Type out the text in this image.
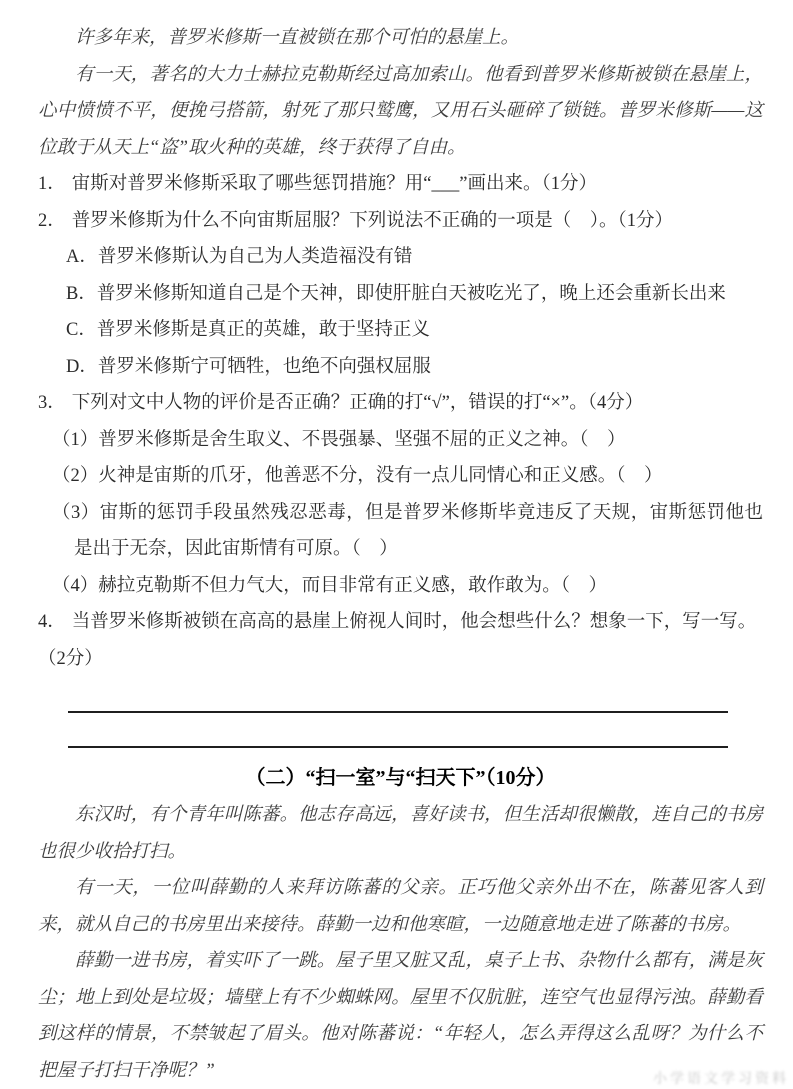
许多年来，普罗米修斯一直被锁在那个可怕的悬崖上。

有一天，著名的大力士赫拉克勒斯经过高加索山。他看到普罗米修斯被锁在悬崖上，心中愤愤不平，便挽弓搭箭，射死了那只鹫鹰，又用石头砸碎了锁链。普罗米修斯——这位敢于从天上“盗”取火种的英雄，终于获得了自由。

1． 宙斯对普罗米修斯采取了哪些惩罚措施？用“___”画出来。（1分）

2． 普罗米修斯为什么不向宙斯屈服？下列说法不正确的一项是（　）。（1分）

A．普罗米修斯认为自己为人类造福没有错

B．普罗米修斯知道自己是个天神，即使肝脏白天被吃光了，晚上还会重新长出来

C．普罗米修斯是真正的英雄，敢于坚持正义

D．普罗米修斯宁可牺牲，也绝不向强权屈服

3． 下列对文中人物的评价是否正确？正确的打“√”，错误的打“×”。（4分）

（1）普罗米修斯是舍生取义、不畏强暴、坚强不屈的正义之神。（　）

（2）火神是宙斯的爪牙，他善恶不分，没有一点儿同情心和正义感。（　）

（3）宙斯的惩罚手段虽然残忍恶毒，但是普罗米修斯毕竟违反了天规，宙斯惩罚他也是出于无奈，因此宙斯情有可原。（　）

（4）赫拉克勒斯不但力气大，而目非常有正义感，敢作敢为。（　）

4． 当普罗米修斯被锁在高高的悬崖上俯视人间时，他会想些什么？想象一下，写一写。
（2分）

（二）“扫一室”与“扫天下”（10分）

东汉时，有个青年叫陈蕃。他志存高远，喜好读书，但生活却很懒散，连自己的书房也很少收拾打扫。

有一天，一位叫薛勤的人来拜访陈蕃的父亲。正巧他父亲外出不在，陈蕃见客人到来，就从自己的书房里出来接待。薛勤一边和他寒暄，一边随意地走进了陈蕃的书房。

薛勤一进书房，着实吓了一跳。屋子里又脏又乱，桌子上书、杂物什么都有，满是灰尘；地上到处是垃圾；墙壁上有不少蜘蛛网。屋里不仅肮脏，连空气也显得污浊。薛勤看到这样的情景，不禁皱起了眉头。他对陈蕃说：“年轻人，怎么弄得这么乱呀？为什么不把屋子打扫干净呢？”	小学语文学习资料
